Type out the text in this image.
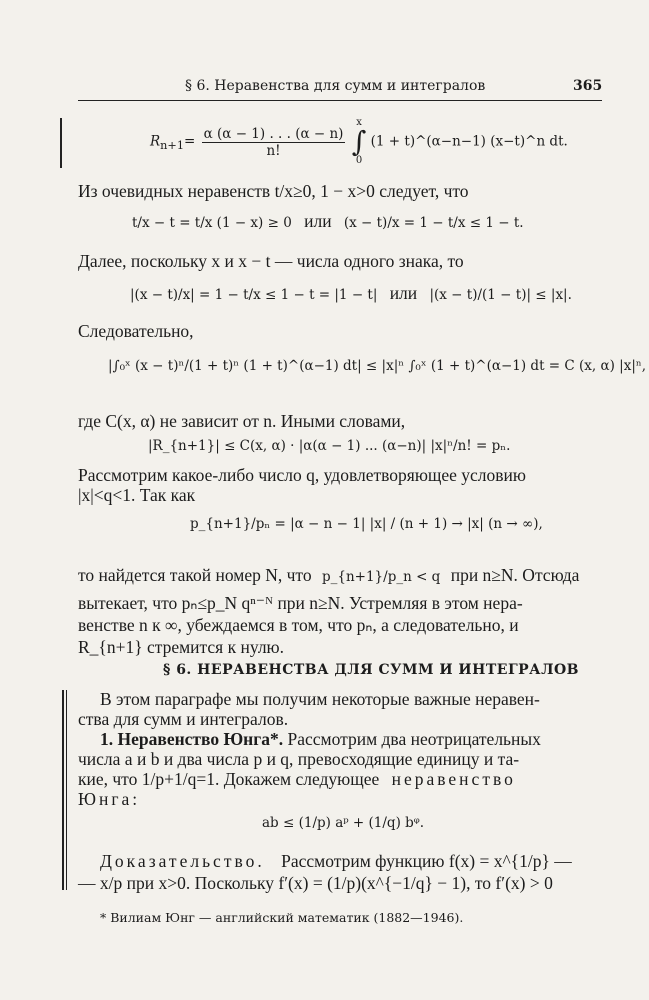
§ 6. Неравенства для сумм и интегралов	365
$R_{n+1}= \frac{\alpha (\alpha - 1) . . . (\alpha - n)}{n!}$
x
∫
0 (1 + t)^(α−n−1) (x−t)^n dt.
Из очевидных неравенств t/x≥0, 1 − x>0 следует, что
t/x − t = t/x (1 − x) ≥ 0 или (x − t)/x = 1 − t/x ≤ 1 − t.
Далее, поскольку x и x − t — числа одного знака, то
|(x − t)/x| = 1 − t/x ≤ 1 − t = |1 − t| или |(x − t)/(1 − t)| ≤ |x|.
Следовательно,
|∫₀ˣ (x − t)ⁿ/(1 + t)ⁿ (1 + t)^(α−1) dt| ≤ |x|ⁿ ∫₀ˣ (1 + t)^(α−1) dt = C (x, α) |x|ⁿ,
где C(x, α) не зависит от n. Иными словами,
|R_{n+1}| ≤ C(x, α) · |α(α − 1) ... (α−n)| |x|ⁿ/n! = pₙ.
Рассмотрим какое-либо число q, удовлетворяющее условию
|x|<q<1. Так как
p_{n+1}/pₙ = |α − n − 1| |x| / (n + 1) → |x| (n → ∞),
то найдется такой номер N, что p_{n+1}/p_n < q при n≥N. Отсюда
вытекает, что pₙ≤p_N qⁿ⁻ᴺ при n≥N. Устремляя в этом нера-
венстве n к ∞, убеждаемся в том, что pₙ, а следовательно, и
R_{n+1} стремится к нулю.
§ 6. НЕРАВЕНСТВА ДЛЯ СУММ И ИНТЕГРАЛОВ
В этом параграфе мы получим некоторые важные нерaвен-
ства для сумм и интегралов.
1. Неравенство Юнга*. Рассмотрим два неотрицательных
числа a и b и два числа p и q, превосходящие единицу и та-
кие, что 1/p+1/q=1. Докажем следующее неравенство
Юнга:
ab ≤ (1/p) aᵖ + (1/q) bᵠ.
Доказательство. Рассмотрим функцию f(x) = x^{1/p} —
— x/p при x>0. Поскольку f′(x) = (1/p)(x^{−1/q} − 1), то f′(x) > 0
* Вилиам Юнг — английский математик (1882—1946).
